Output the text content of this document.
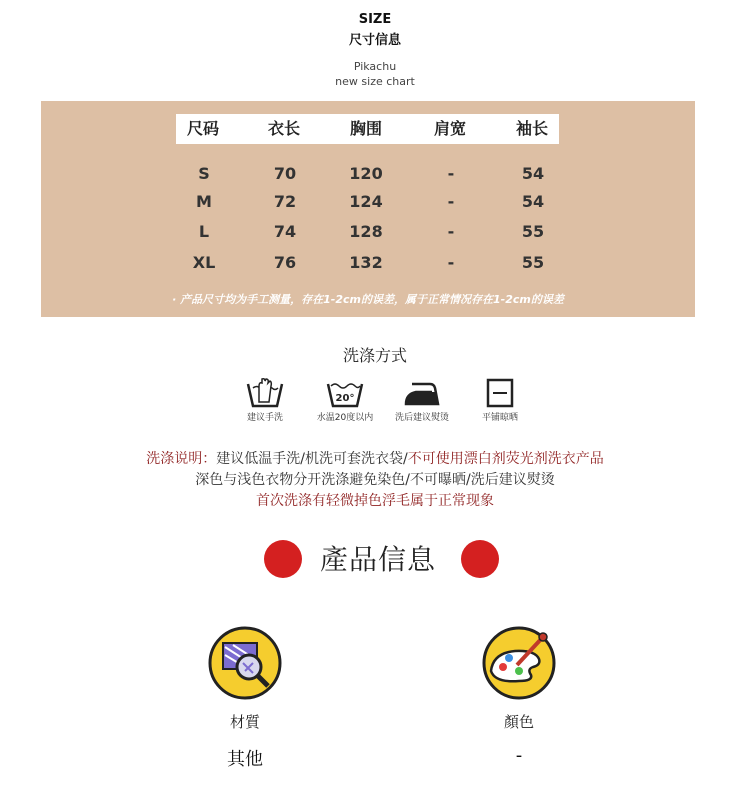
SIZE
尺寸信息
Pikachu
new size chart
尺码	衣长	胸围	肩宽	袖长
S	70	120	-	54
M	72	124	-	54
L	74	128	-	55
XL	76	132	-	55
· 产品尺寸均为手工测量，存在1-2cm的误差，属于正常情况存在1-2cm的误差
洗涤方式
建议手洗
20°
水温20度以内	洗后建议熨烫	平铺晾晒
洗涤说明：建议低温手洗/机洗可套洗衣袋/不可使用漂白剂荧光剂洗衣产品
深色与浅色衣物分开洗涤避免染色/不可曝晒/洗后建议熨烫
首次洗涤有轻微掉色浮毛属于正常现象
產品信息
材質
其他
顏色
-
